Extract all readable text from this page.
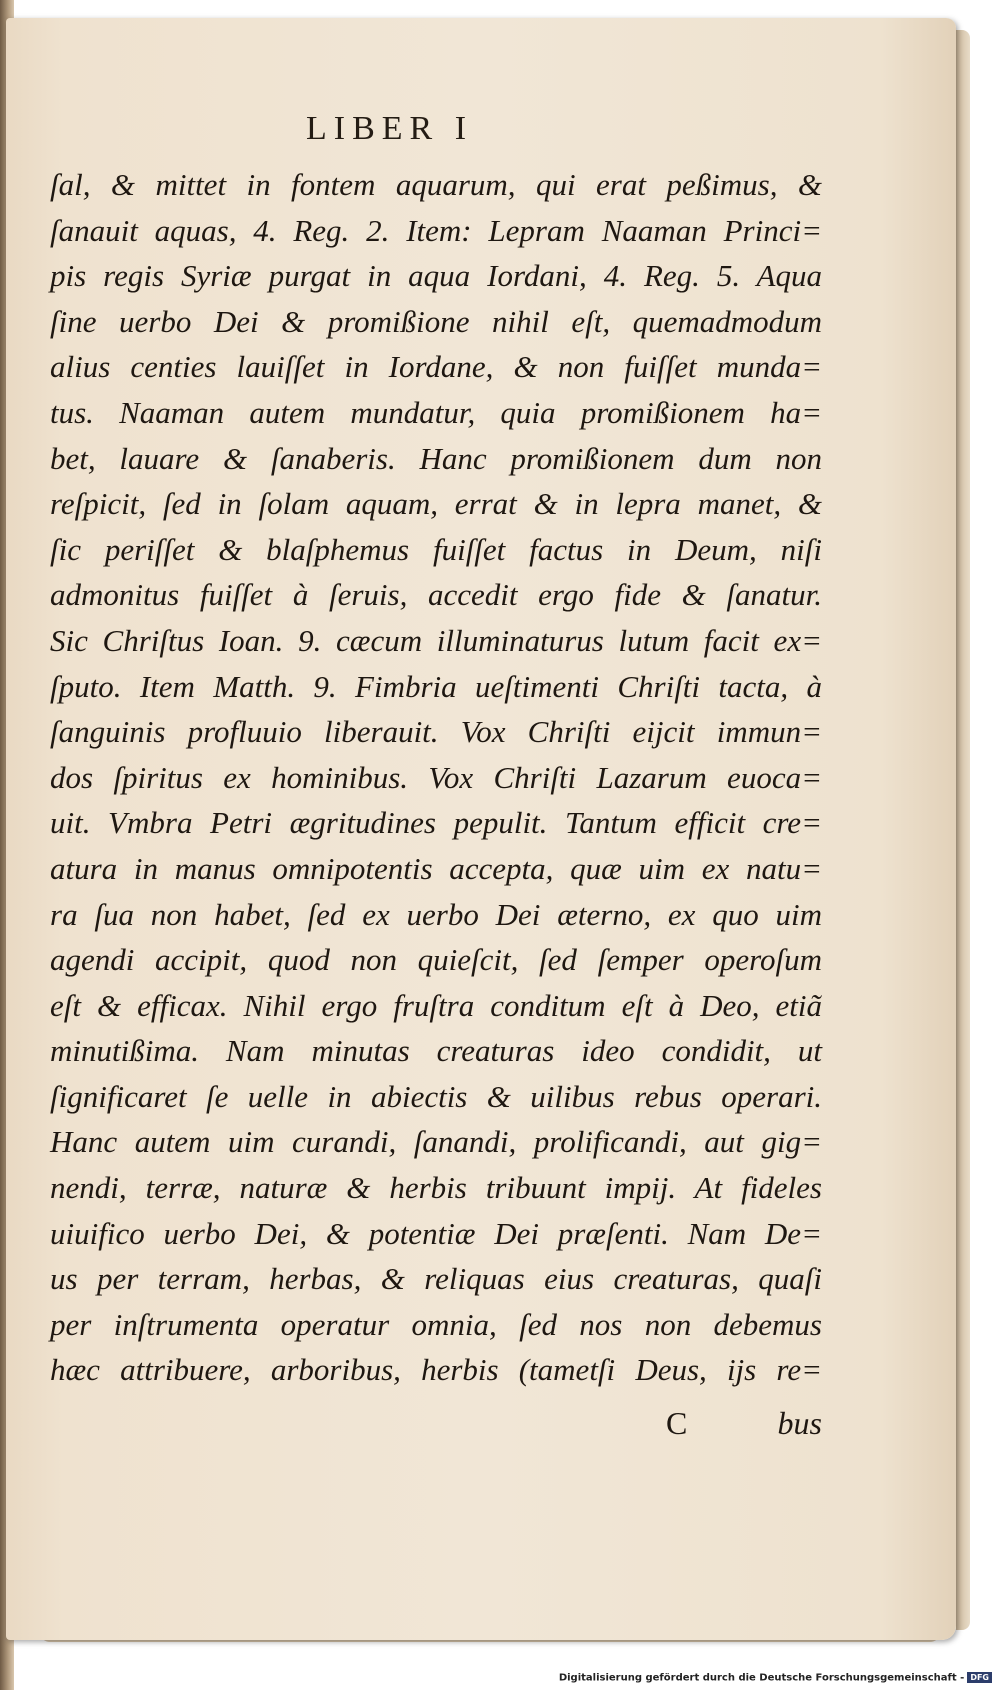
LIBER I
ſal, & mittet in fontem aquarum, qui erat peßimus, &
ſanauit aquas, 4. Reg. 2. Item: Lepram Naaman Princi=
pis regis Syriæ purgat in aqua Iordani, 4. Reg. 5. Aqua
ſine uerbo Dei & promißione nihil eſt, quemadmodum
alius centies lauiſſet in Iordane, & non fuiſſet munda=
tus. Naaman autem mundatur, quia promißionem ha=
bet, lauare & ſanaberis. Hanc promißionem dum non
reſpicit, ſed in ſolam aquam, errat & in lepra manet, &
ſic periſſet & blaſphemus fuiſſet factus in Deum, niſi
admonitus fuiſſet à ſeruis, accedit ergo fide & ſanatur.
Sic Chriſtus Ioan. 9. cæcum illuminaturus lutum facit ex=
ſputo. Item Matth. 9. Fimbria ueſtimenti Chriſti tacta, à
ſanguinis profluuio liberauit. Vox Chriſti eijcit immun=
dos ſpiritus ex hominibus. Vox Chriſti Lazarum euoca=
uit. Vmbra Petri ægritudines pepulit. Tantum efficit cre=
atura in manus omnipotentis accepta, quæ uim ex natu=
ra ſua non habet, ſed ex uerbo Dei æterno, ex quo uim
agendi accipit, quod non quieſcit, ſed ſemper operoſum
eſt & efficax. Nihil ergo fruſtra conditum eſt à Deo, etiã
minutißima. Nam minutas creaturas ideo condidit, ut
ſignificaret ſe uelle in abiectis & uilibus rebus operari.
Hanc autem uim curandi, ſanandi, prolificandi, aut gig=
nendi, terræ, naturæ & herbis tribuunt impij. At fideles
uiuifico uerbo Dei, & potentiæ Dei præſenti. Nam De=
us per terram, herbas, & reliquas eius creaturas, quaſi
per inſtrumenta operatur omnia, ſed nos non debemus
hæc attribuere, arboribus, herbis (tametſi Deus, ijs re=
C	bus
Digitalisierung gefördert durch die Deutsche Forschungsgemeinschaft - DFG
